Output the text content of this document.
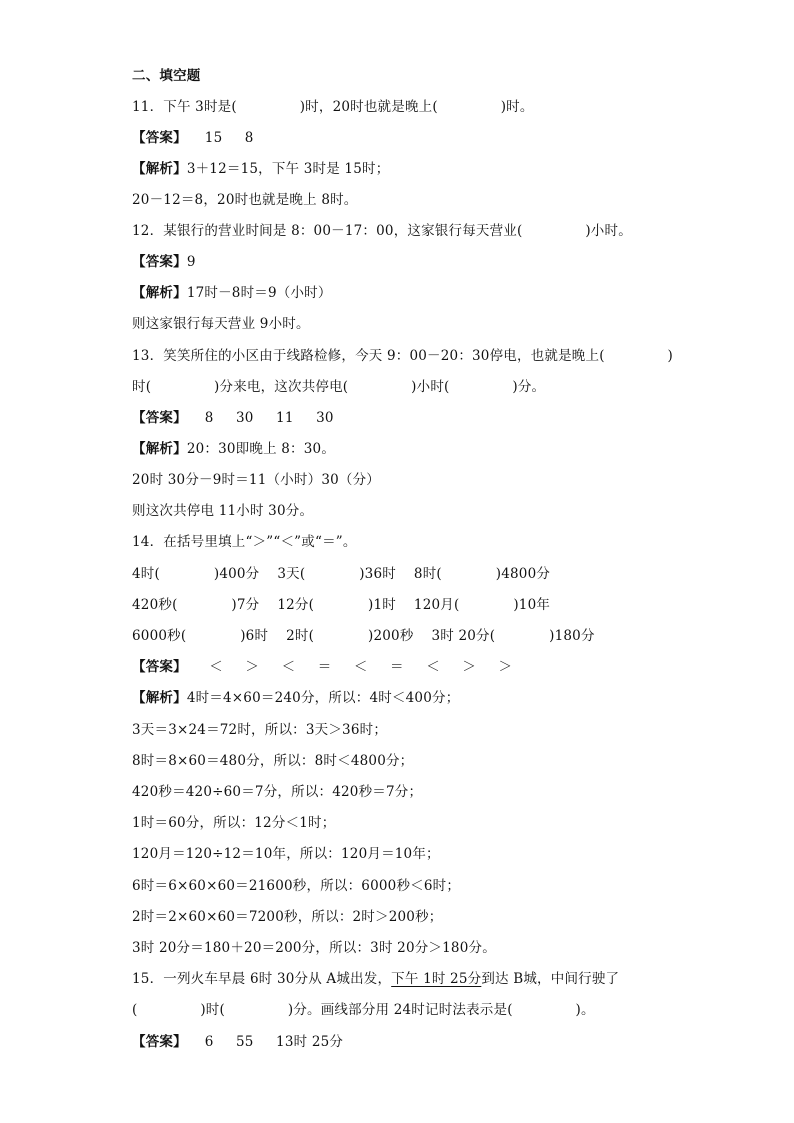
二、填空题
11．下午 3时是(              )时，20时也就是晚上(              )时。
【答案】    15     8
【解析】3＋12＝15，下午 3时是 15时；
20－12＝8，20时也就是晚上 8时。
12．某银行的营业时间是 8：00－17：00，这家银行每天营业(              )小时。
【答案】9
【解析】17时－8时＝9（小时）
则这家银行每天营业 9小时。
13．笑笑所住的小区由于线路检修，今天 9：00－20：30停电，也就是晚上(              )
时(              )分来电，这次共停电(              )小时(              )分。
【答案】    8     30     11     30
【解析】20：30即晚上 8：30。
20时 30分－9时＝11（小时）30（分）
则这次共停电 11小时 30分。
14．在括号里填上“＞”“＜”或“＝”。
4时(            )400分    3天(            )36时    8时(            )4800分
420秒(            )7分    12分(            )1时    120月(            )10年
6000秒(            )6时    2时(            )200秒    3时 20分(            )180分
【答案】     ＜     ＞     ＜     ＝     ＜     ＝     ＜     ＞     ＞
【解析】4时＝4×60＝240分，所以：4时＜400分；
3天＝3×24＝72时，所以：3天＞36时；
8时＝8×60＝480分，所以：8时＜4800分；
420秒＝420÷60＝7分，所以：420秒＝7分；
1时＝60分，所以：12分＜1时；
120月＝120÷12＝10年，所以：120月＝10年；
6时＝6×60×60＝21600秒，所以：6000秒＜6时；
2时＝2×60×60＝7200秒，所以：2时＞200秒；
3时 20分＝180＋20＝200分，所以：3时 20分＞180分。
15．一列火车早晨 6时 30分从 A城出发，下午 1时 25分到达 B城，中间行驶了
(              )时(              )分。画线部分用 24时记时法表示是(              )。
【答案】    6     55     13时 25分
